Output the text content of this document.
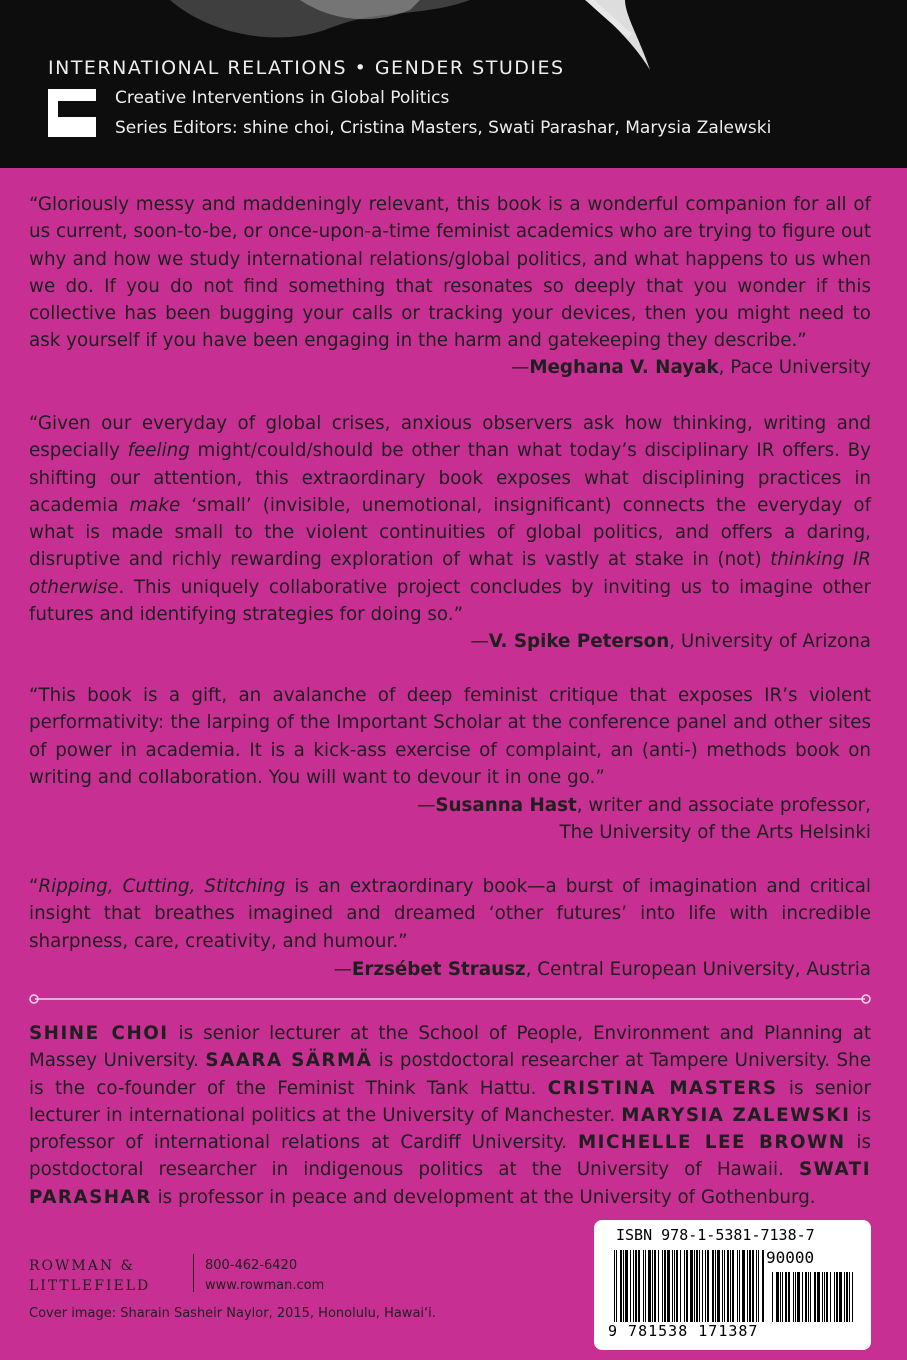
INTERNATIONAL RELATIONS • GENDER STUDIES
Creative Interventions in Global Politics
Series Editors: shine choi, Cristina Masters, Swati Parashar, Marysia Zalewski
“Gloriously messy and maddeningly relevant, this book is a wonderful companion for all of us current, soon-to-be, or once-upon-a-time feminist academics who are trying to figure out why and how we study international relations/global politics, and what happens to us when we do. If you do not find something that resonates so deeply that you wonder if this collective has been bugging your calls or tracking your devices, then you might need to ask yourself if you have been engaging in the harm and gatekeeping they describe.”
—Meghana V. Nayak, Pace University
“Given our everyday of global crises, anxious observers ask how thinking, writing and especially feeling might/could/should be other than what today’s disciplinary IR offers. By shifting our attention, this extraordinary book exposes what disciplining practices in academia make ‘small’ (invisible, unemotional, insignificant) connects the everyday of what is made small to the violent continuities of global politics, and offers a daring, disruptive and richly rewarding exploration of what is vastly at stake in (not) thinking IR otherwise. This uniquely collaborative project concludes by inviting us to imagine other futures and identifying strategies for doing so.”
—V. Spike Peterson, University of Arizona
“This book is a gift, an avalanche of deep feminist critique that exposes IR’s violent performativity: the larping of the Important Scholar at the conference panel and other sites of power in academia. It is a kick-ass exercise of complaint, an (anti-) methods book on writing and collaboration. You will want to devour it in one go.”
—Susanna Hast, writer and associate professor,
The University of the Arts Helsinki
“Ripping, Cutting, Stitching is an extraordinary book—a burst of imagination and critical insight that breathes imagined and dreamed ‘other futures’ into life with incredible sharpness, care, creativity, and humour.”
—Erzsébet Strausz, Central European University, Austria
SHINE CHOI is senior lecturer at the School of People, Environment and Planning at Massey University. SAARA SÄRMÄ is postdoctoral researcher at Tampere University. She is the co-founder of the Feminist Think Tank Hattu. CRISTINA MASTERS is senior lecturer in international politics at the University of Manchester. MARYSIA ZALEWSKI is professor of international relations at Cardiff University. MICHELLE LEE BROWN is postdoctoral researcher in indigenous politics at the University of Hawaii. SWATI PARASHAR is professor in peace and development at the University of Gothenburg.
ROWMAN &
LITTLEFIELD
800-462-6420
www.rowman.com
Cover image: Sharain Sasheir Naylor, 2015, Honolulu, Hawai‘i.
ISBN 978-1-5381-7138-7
90000
9 781538 171387
